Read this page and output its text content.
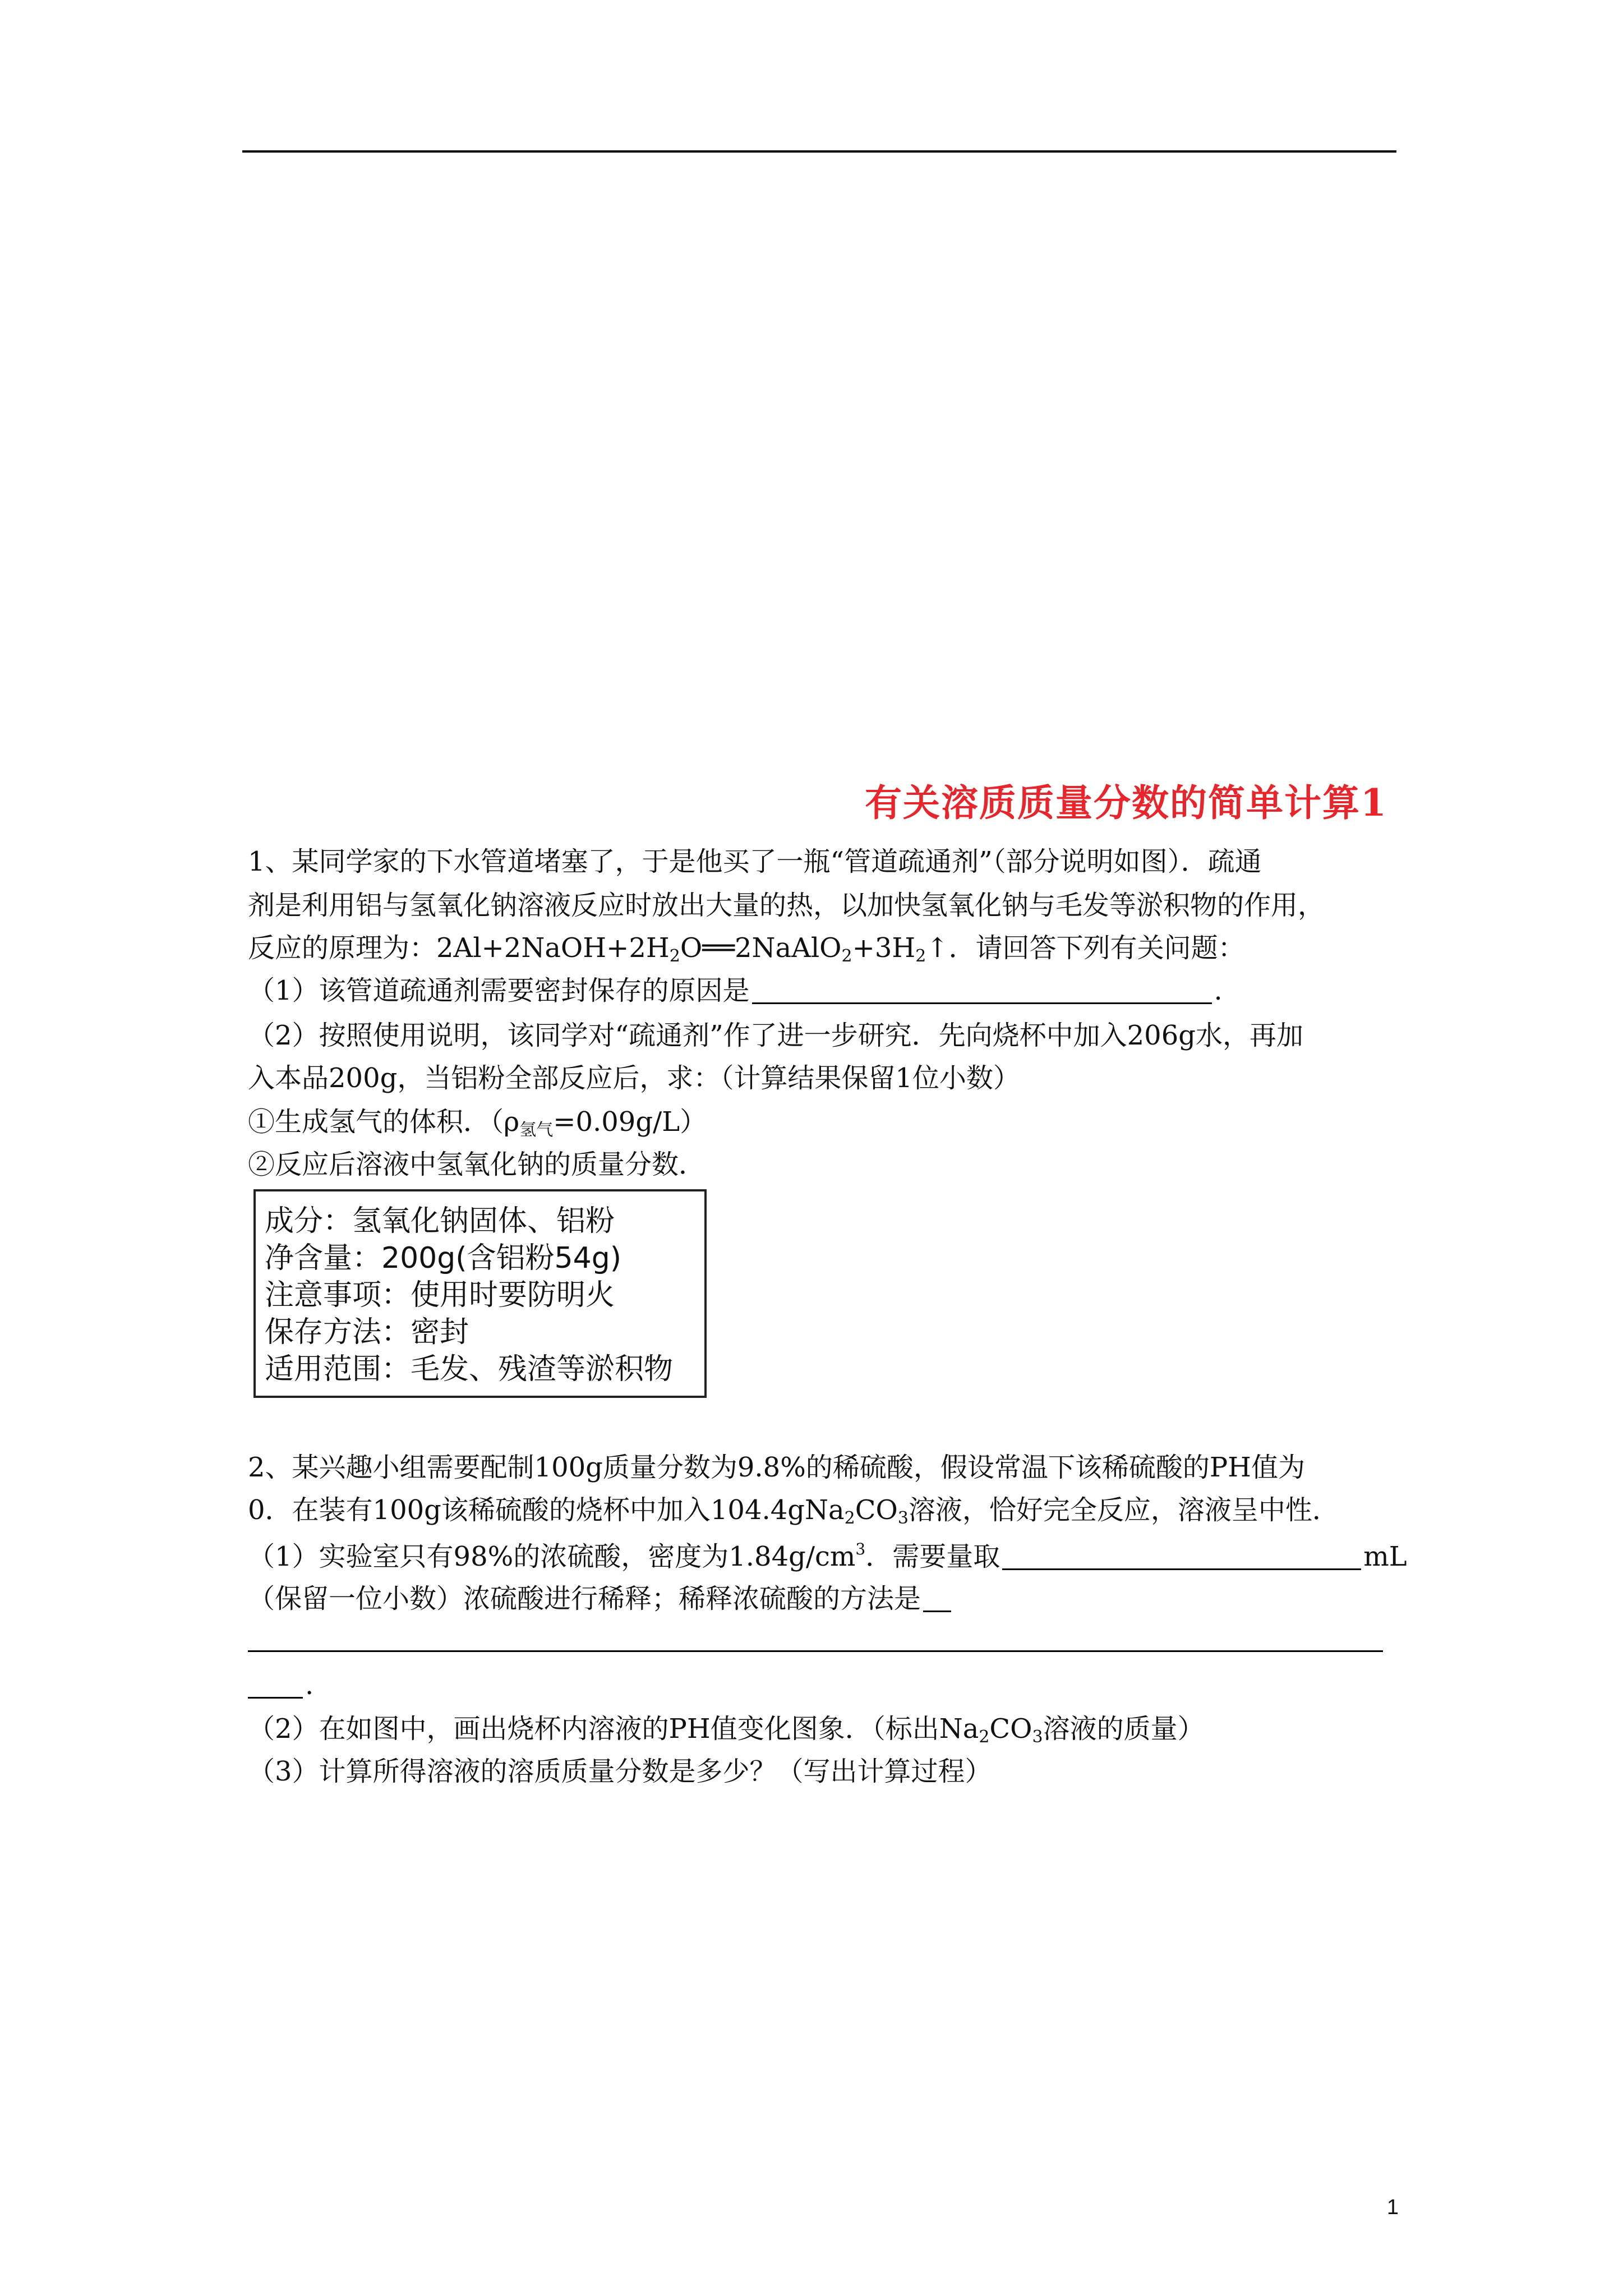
有关溶质质量分数的简单计算1
1、某同学家的下水管道堵塞了，于是他买了一瓶“管道疏通剂”（部分说明如图）．疏通
剂是利用铝与氢氧化钠溶液反应时放出大量的热，以加快氢氧化钠与毛发等淤积物的作用，
反应的原理为：$2Al+2NaOH+2H_2O══2NaAlO_2+3H_2↑$．请回答下列有关问题：
（1）该管道疏通剂需要密封保存的原因是	.
（2）按照使用说明，该同学对“疏通剂”作了进一步研究．先向烧杯中加入206g水，再加
入本品200g，当铝粉全部反应后，求：（计算结果保留1位小数）
①生成氢气的体积．$(\rho_{氢气}=0.09g/L)$
②反应后溶液中氢氧化钠的质量分数．
成分：氢氧化钠固体、铝粉
净含量：200g(含铝粉54g)
注意事项：使用时要防明火
保存方法：密封
适用范围：毛发、残渣等淤积物
2、某兴趣小组需要配制100g质量分数为9.8%的稀硫酸，假设常温下该稀硫酸的PH值为
0．在装有100g该稀硫酸的烧杯中加入$104.4gNa_2CO_3$溶液，恰好完全反应，溶液呈中性．
（1）实验室只有98%的浓硫酸，密度为$1.84g/cm^3$．需要量取	mL
（保留一位小数）浓硫酸进行稀释；稀释浓硫酸的方法是
.
（2）在如图中，画出烧杯内溶液的PH值变化图象．（标出$Na_2CO_3$溶液的质量）
（3）计算所得溶液的溶质质量分数是多少？（写出计算过程）
1
